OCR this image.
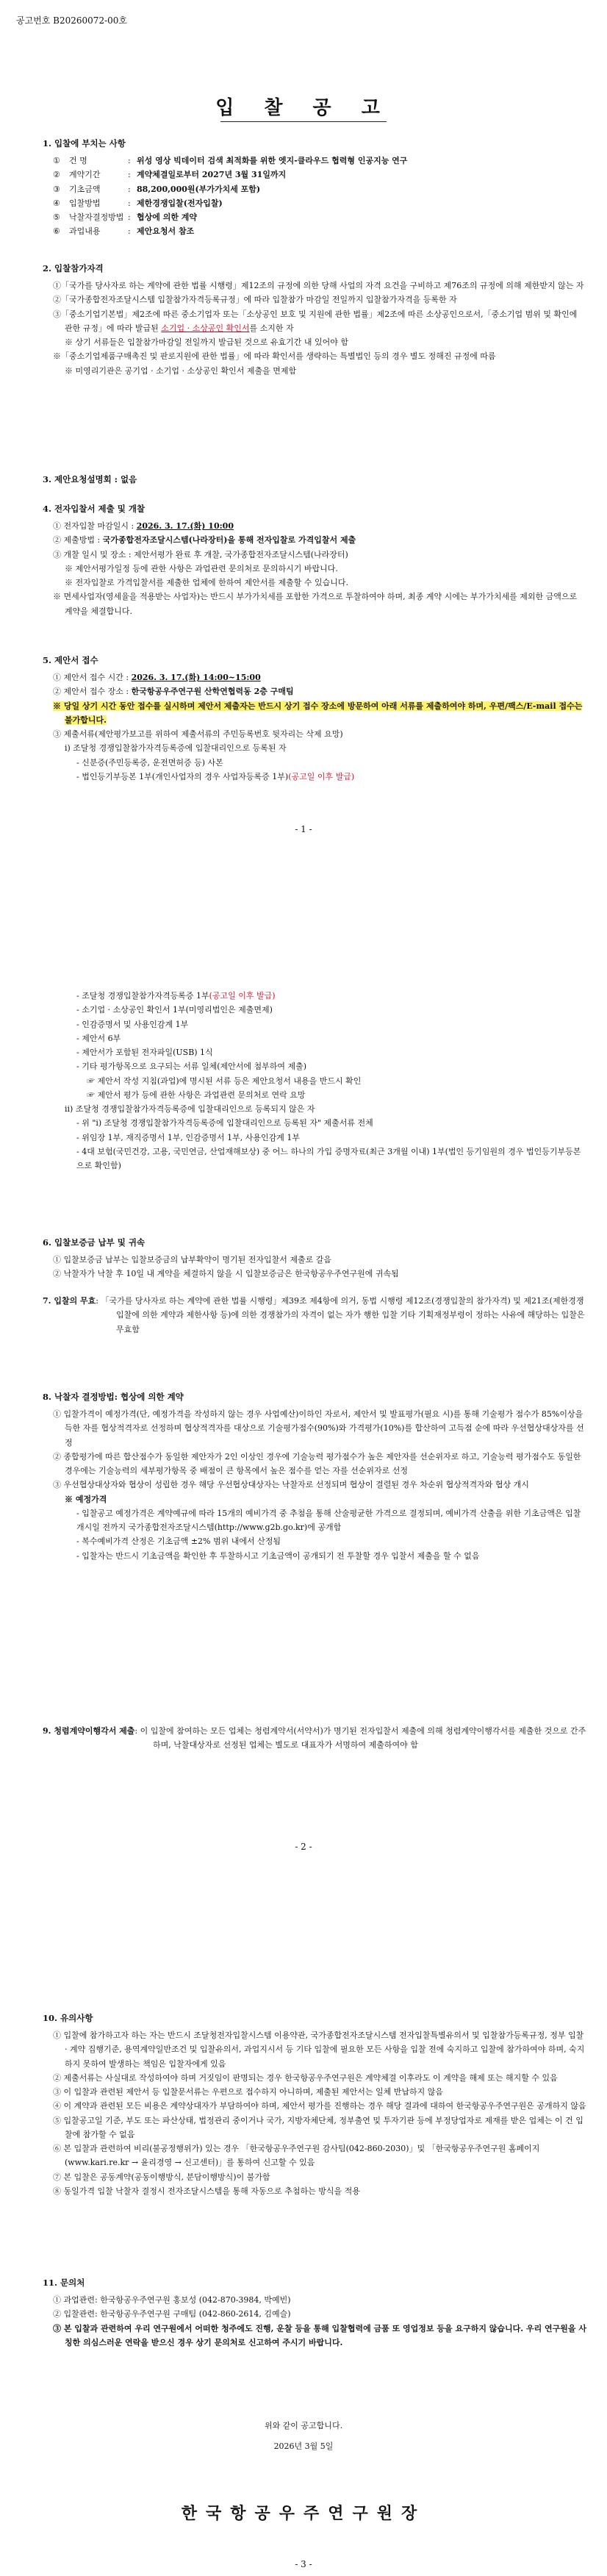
공고번호 B20260072-00호
입 찰 공 고
1. 입찰에 부치는 사항
①	건 명	: 위성 영상 빅데이터 검색 최적화를 위한 엣지-클라우드 협력형 인공지능 연구
②	계약기간	: 계약체결일로부터 2027년 3월 31일까지
③	기초금액	: 88,200,000원(부가가치세 포함)
④	입찰방법	: 제한경쟁입찰(전자입찰)
⑤	낙찰자결정방법 : 협상에 의한 계약
⑥	과업내용	: 제안요청서 참조
2. 입찰참가자격
①「국가를 당사자로 하는 계약에 관한 법률 시행령」제12조의 규정에 의한 당해 사업의 자격 요건을 구비하고 제76조의 규정에 의해 제한받지 않는 자
②「국가종합전자조달시스템 입찰참가자격등록규정」에 따라 입찰참가 마감일 전일까지 입찰참가자격을 등록한 자
③「중소기업기본법」제2조에 따른 중소기업자 또는「소상공인 보호 및 지원에 관한 법률」제2조에 따른 소상공인으로서,「중소기업 범위 및 확인에 관한 규정」에 따라 발급된 소기업 · 소상공인 확인서를 소지한 자
※ 상기 서류들은 입찰참가마감일 전일까지 발급된 것으로 유효기간 내 있어야 함
※「중소기업제품구매촉진 및 판로지원에 관한 법률」에 따라 확인서를 생략하는 특별법인 등의 경우 별도 정해진 규정에 따름
※ 미영리기관은 공기업 · 소기업 · 소상공인 확인서 제출을 면제함
3. 제안요청설명회 : 없음
4. 전자입찰서 제출 및 개찰
① 전자입찰 마감일시 : 2026. 3. 17.(화) 10:00
② 제출방법 : 국가종합전자조달시스템(나라장터)을 통해 전자입찰로 가격입찰서 제출
③ 개찰 일시 및 장소 : 제안서평가 완료 후 개찰, 국가종합전자조달시스템(나라장터)
※ 제안서평가일정 등에 관한 사항은 과업관련 문의처로 문의하시기 바랍니다.
※ 전자입찰로 가격입찰서를 제출한 업체에 한하여 제안서를 제출할 수 있습니다.
※ 면세사업자(영세율을 적용받는 사업자)는 반드시 부가가치세를 포함한 가격으로 투찰하여야 하며, 최종 계약 시에는 부가가치세를 제외한 금액으로 계약을 체결합니다.
5. 제안서 접수
① 제안서 접수 시간 : 2026. 3. 17.(화) 14:00~15:00
② 제안서 접수 장소 : 한국항공우주연구원 산학연협력동 2층 구매팀
※ 당일 상기 시간 동안 접수를 실시하며 제안서 제출자는 반드시 상기 접수 장소에 방문하여 아래 서류를 제출하여야 하며, 우편/팩스/E-mail 접수는 불가합니다.
③ 제출서류(제안평가보고를 위하여 제출서류의 주민등록번호 뒷자리는 삭제 요망)
ⅰ) 조달청 경쟁입찰참가자격등록증에 입찰대리인으로 등록된 자
- 신분증(주민등록증, 운전면허증 등) 사본
- 법인등기부등본 1부(개인사업자의 경우 사업자등록증 1부)(공고일 이후 발급)
- 1 -
- 조달청 경쟁입찰참가자격등록증 1부(공고일 이후 발급)
- 소기업 · 소상공인 확인서 1부(미영리법인은 제출면제)
- 인감증명서 및 사용인감계 1부
- 제안서 6부
- 제안서가 포함된 전자파일(USB) 1식
- 기타 평가항목으로 요구되는 서류 일체(제안서에 첨부하여 제출)
☞ 제안서 작성 지침(과업)에 명시된 서류 등은 제안요청서 내용을 반드시 확인
☞ 제안서 평가 등에 관한 사항은 과업관련 문의처로 연락 요망
ⅱ) 조달청 경쟁입찰참가자격등록증에 입찰대리인으로 등록되지 않은 자
- 위 "ⅰ) 조달청 경쟁입찰참가자격등록증에 입찰대리인으로 등록된 자" 제출서류 전체
- 위임장 1부, 재직증명서 1부, 인감증명서 1부, 사용인감계 1부
- 4대 보험(국민건강, 고용, 국민연금, 산업재해보상) 중 어느 하나의 가입 증명자료(최근 3개월 이내) 1부(법인 등기임원의 경우 법인등기부등본으로 확인함)
6. 입찰보증금 납부 및 귀속
① 입찰보증금 납부는 입찰보증금의 납부확약이 명기된 전자입찰서 제출로 갈음
② 낙찰자가 낙찰 후 10일 내 계약을 체결하지 않을 시 입찰보증금은 한국항공우주연구원에 귀속됨
7. 입찰의 무효: 「국가를 당사자로 하는 계약에 관한 법률 시행령」제39조 제4항에 의거, 동법 시행령 제12조(경쟁입찰의 참가자격) 및 제21조(제한경쟁입찰에 의한 계약과 제한사항 등)에 의한 경쟁참가의 자격이 없는 자가 행한 입찰 기타 기획재정부령이 정하는 사유에 해당하는 입찰은 무효함
8. 낙찰자 결정방법: 협상에 의한 계약
① 입찰가격이 예정가격(단, 예정가격을 작성하지 않는 경우 사업예산)이하인 자로서, 제안서 및 발표평가(필요 시)를 통해 기술평가 점수가 85%이상을 득한 자를 협상적격자로 선정하며 협상적격자를 대상으로 기술평가점수(90%)와 가격평가(10%)를 합산하여 고득점 순에 따라 우선협상대상자를 선정
② 종합평가에 따른 합산점수가 동일한 제안자가 2인 이상인 경우에 기술능력 평가점수가 높은 제안자를 선순위자로 하고, 기술능력 평가점수도 동일한 경우에는 기술능력의 세부평가항목 중 배점이 큰 항목에서 높은 점수를 얻는 자를 선순위자로 선정
③ 우선협상대상자와 협상이 성립한 경우 해당 우선협상대상자는 낙찰자로 선정되며 협상이 결렬된 경우 차순위 협상적격자와 협상 개시
※ 예정가격
- 입찰공고 예정가격은 계약예규에 따라 15개의 예비가격 중 추첨을 통해 산술평균한 가격으로 결정되며, 예비가격 산출을 위한 기초금액은 입찰개시일 전까지 국가종합전자조달시스템(http://www.g2b.go.kr)에 공개함
- 복수예비가격 산정은 기초금액 ±2% 범위 내에서 산정됨
- 입찰자는 반드시 기초금액을 확인한 후 투찰하시고 기초금액이 공개되기 전 투찰할 경우 입찰서 제출을 할 수 없음
9. 청렴계약이행각서 제출: 이 입찰에 참여하는 모든 업체는 청렴계약서(서약서)가 명기된 전자입찰서 제출에 의해 청렴계약이행각서를 제출한 것으로 간주하며, 낙찰대상자로 선정된 업체는 별도로 대표자가 서명하여 제출하여야 함
- 2 -
10. 유의사항
① 입찰에 참가하고자 하는 자는 반드시 조달청전자입찰시스템 이용약관, 국가종합전자조달시스템 전자입찰특별유의서 및 입찰참가등록규정, 정부 입찰 · 계약 집행기준, 용역계약일반조건 및 입찰유의서, 과업지시서 등 기타 입찰에 필요한 모든 사항을 입찰 전에 숙지하고 입찰에 참가하여야 하며, 숙지하지 못하여 발생하는 책임은 입찰자에게 있음
② 제출서류는 사실대로 작성하여야 하며 거짓임이 판명되는 경우 한국항공우주연구원은 계약체결 이후라도 이 계약을 해제 또는 해지할 수 있음
③ 이 입찰과 관련된 제안서 등 입찰문서류는 우편으로 접수하지 아니하며, 제출된 제안서는 일체 반납하지 않음
④ 이 계약과 관련된 모든 비용은 계약상대자가 부담하여야 하며, 제안서 평가를 진행하는 경우 해당 결과에 대하여 한국항공우주연구원은 공개하지 않음
⑤ 입찰공고일 기준, 부도 또는 파산상태, 법정관리 중이거나 국가, 지방자체단체, 정부출연 및 투자기관 등에 부정당업자로 제재를 받은 업체는 이 건 입찰에 참가할 수 없음
⑥ 본 입찰과 관련하여 비리(불공정행위가) 있는 경우 「한국항공우주연구원 감사팀(042-860-2030)」및 「한국항공우주연구원 홈페이지(www.kari.re.kr → 윤리경영 → 신고센터)」를 통하여 신고할 수 있음
⑦ 본 입찰은 공동계약(공동이행방식, 분담이행방식)이 불가함
⑧ 동일가격 입찰 낙찰자 결정시 전자조달시스템을 통해 자동으로 추첨하는 방식을 적용
11. 문의처
① 과업관련: 한국항공우주연구원 홍보성 (042-870-3984, 박예빈)
② 입찰관련: 한국항공우주연구원 구매팀 (042-860-2614, 김예슬)
③ 본 입찰과 관련하여 우리 연구원에서 어떠한 청주에도 진행, 운찰 등을 통해 입찰협력에 금품 또 영업정보 등을 요구하지 않습니다. 우리 연구원을 사칭한 의심스러운 연락을 받으신 경우 상기 문의처로 신고하여 주시기 바랍니다.
위와 같이 공고합니다.
2026년 3월 5일
한국항공우주연구원장
- 3 -
